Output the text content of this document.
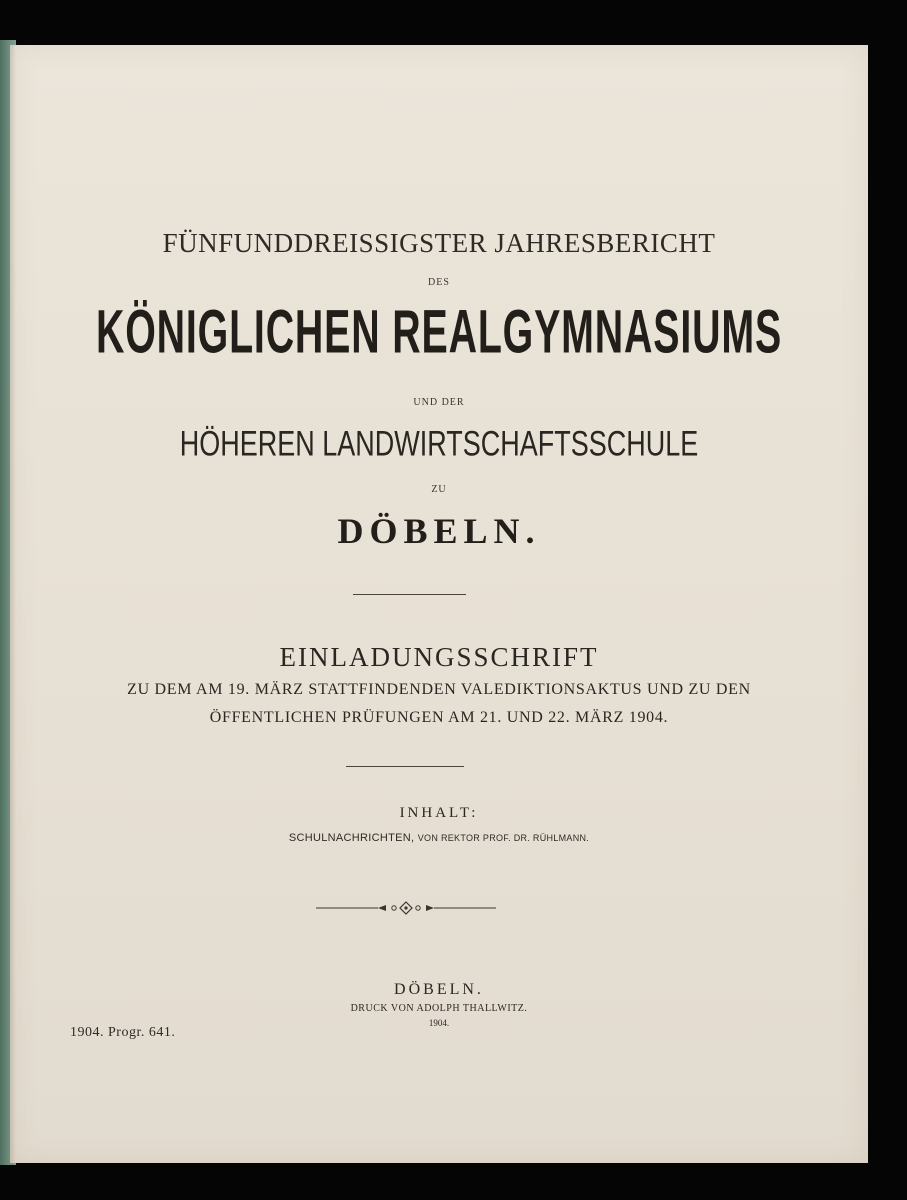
FÜNFUNDDREISSIGSTER JAHRESBERICHT
DES
KÖNIGLICHEN REALGYMNASIUMS
UND DER
HÖHEREN LANDWIRTSCHAFTSSCHULE
ZU
DÖBELN.
EINLADUNGSSCHRIFT
ZU DEM AM 19. MÄRZ STATTFINDENDEN VALEDIKTIONSAKTUS UND ZU DEN
ÖFFENTLICHEN PRÜFUNGEN AM 21. UND 22. MÄRZ 1904.
INHALT:
SCHULNACHRICHTEN, VON REKTOR PROF. DR. RÜHLMANN.
DÖBELN.
DRUCK VON ADOLPH THALLWITZ.
1904.
1904. Progr. 641.
